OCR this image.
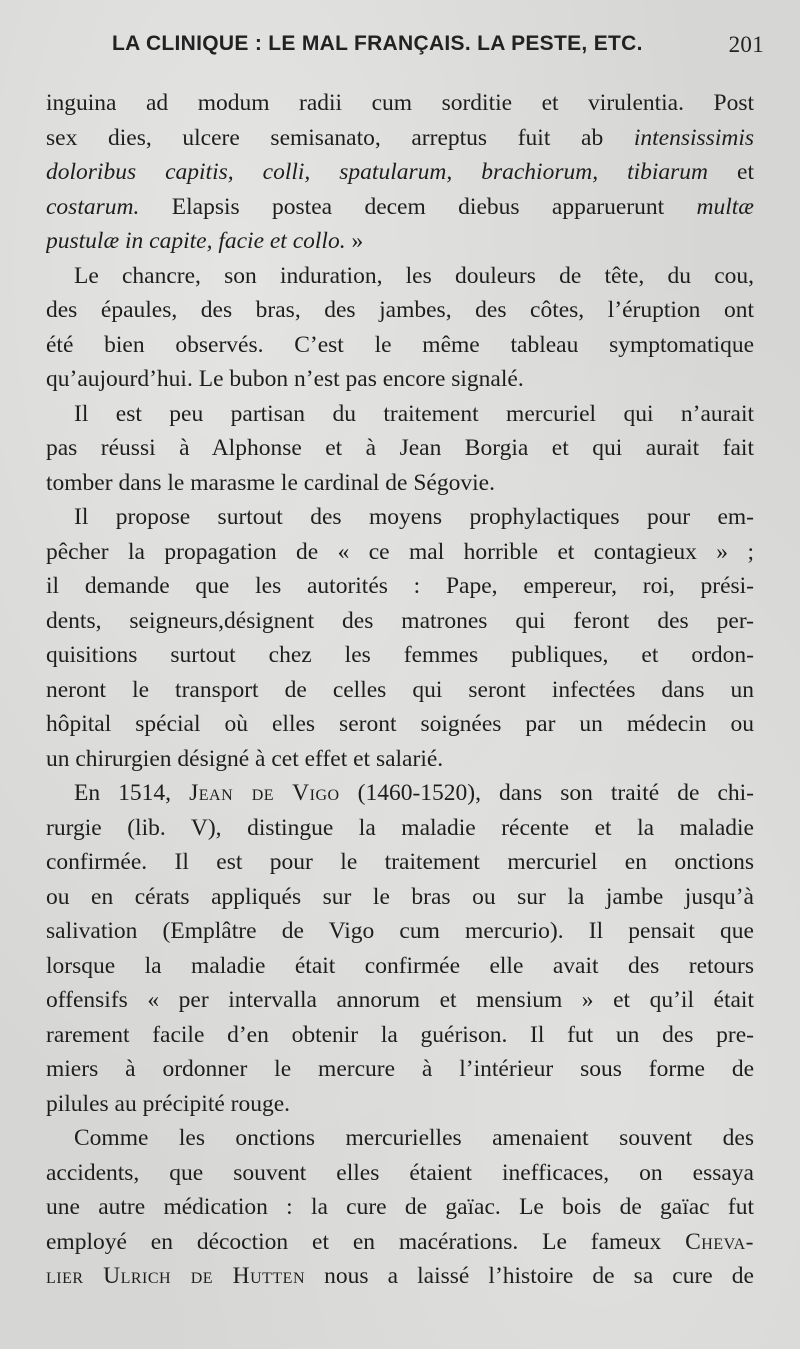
LA CLINIQUE : LE MAL FRANÇAIS. LA PESTE, ETC.	201
inguina ad modum radii cum sorditie et virulentia. Post
sex dies, ulcere semisanato, arreptus fuit ab intensissimis
doloribus capitis, colli, spatularum, brachiorum, tibiarum et
costarum. Elapsis postea decem diebus apparuerunt multæ
pustulæ in capite, facie et collo. »
Le chancre, son induration, les douleurs de tête, du cou,
des épaules, des bras, des jambes, des côtes, l’éruption ont
été bien observés. C’est le même tableau symptomatique
qu’aujourd’hui. Le bubon n’est pas encore signalé.
Il est peu partisan du traitement mercuriel qui n’aurait
pas réussi à Alphonse et à Jean Borgia et qui aurait fait
tomber dans le marasme le cardinal de Ségovie.
Il propose surtout des moyens prophylactiques pour em-
pêcher la propagation de « ce mal horrible et contagieux » ;
il demande que les autorités : Pape, empereur, roi, prési-
dents, seigneurs,désignent des matrones qui feront des per-
quisitions surtout chez les femmes publiques, et ordon-
neront le transport de celles qui seront infectées dans un
hôpital spécial où elles seront soignées par un médecin ou
un chirurgien désigné à cet effet et salarié.
En 1514, Jean de Vigo (1460-1520), dans son traité de chi-
rurgie (lib. V), distingue la maladie récente et la maladie
confirmée. Il est pour le traitement mercuriel en onctions
ou en cérats appliqués sur le bras ou sur la jambe jusqu’à
salivation (Emplâtre de Vigo cum mercurio). Il pensait que
lorsque la maladie était confirmée elle avait des retours
offensifs « per intervalla annorum et mensium » et qu’il était
rarement facile d’en obtenir la guérison. Il fut un des pre-
miers à ordonner le mercure à l’intérieur sous forme de
pilules au précipité rouge.
Comme les onctions mercurielles amenaient souvent des
accidents, que souvent elles étaient inefficaces, on essaya
une autre médication : la cure de gaïac. Le bois de gaïac fut
employé en décoction et en macérations. Le fameux Cheva-
lier Ulrich de Hutten nous a laissé l’histoire de sa cure de
